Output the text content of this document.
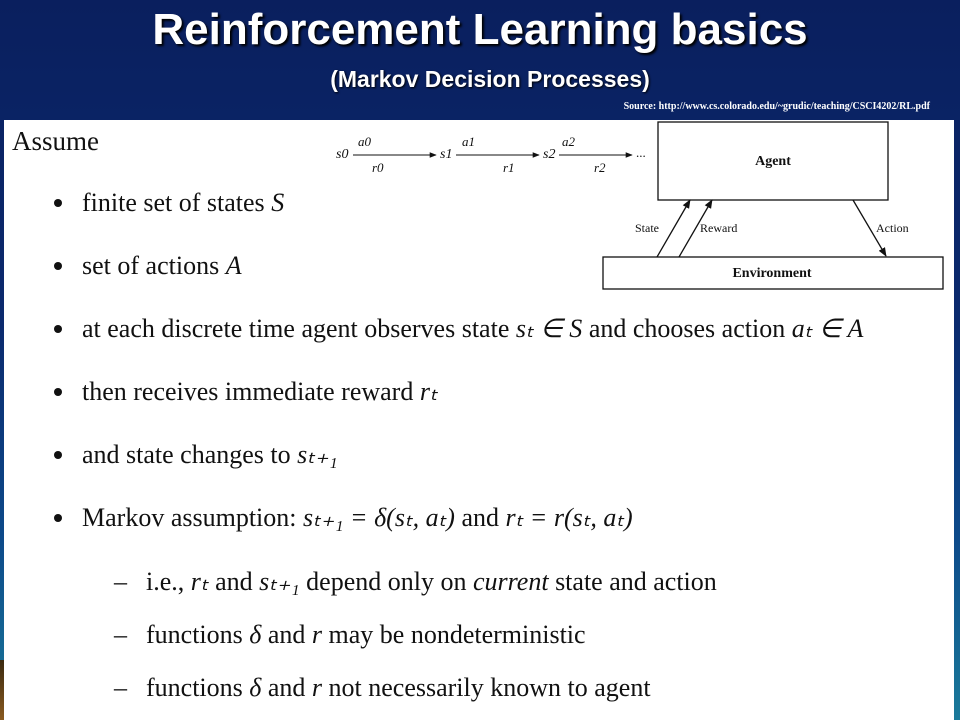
Reinforcement Learning basics
(Markov Decision Processes)
Source: http://www.cs.colorado.edu/~grudic/teaching/CSCI4202/RL.pdf
Assume	s0
a0
r0
s1
a1
r1
s2
a2
r2
...
Agent
Environment
State	Reward	Action
finite set of states S
set of actions A
at each discrete time agent observes state sₜ ∈ S and chooses action aₜ ∈ A
then receives immediate reward rₜ
and state changes to sₜ₊₁
Markov assumption: sₜ₊₁ = δ(sₜ, aₜ) and rₜ = r(sₜ, aₜ)
– i.e., rₜ and sₜ₊₁ depend only on current state and action
– functions δ and r may be nondeterministic
– functions δ and r not necessarily known to agent
